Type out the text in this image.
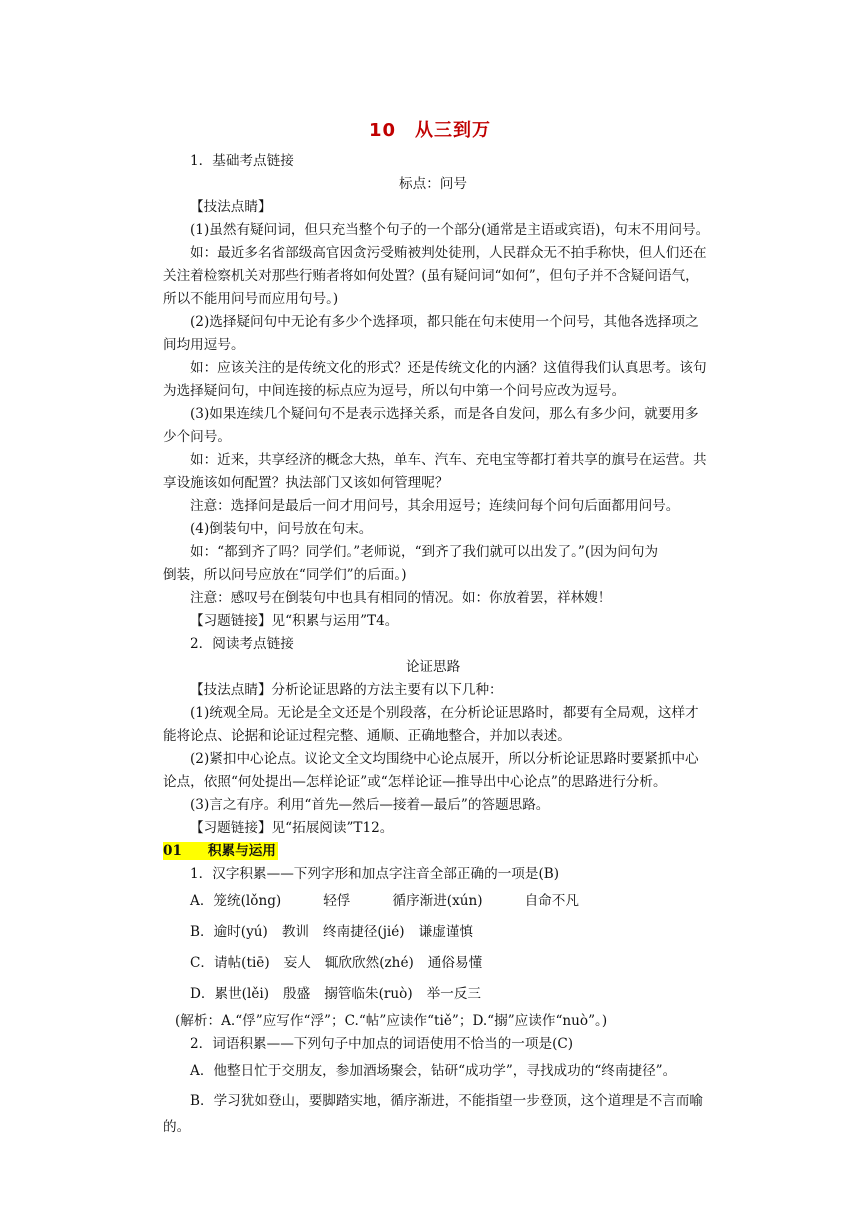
10　从三到万
1．基础考点链接
标点：问号
【技法点睛】
(1)虽然有疑问词，但只充当整个句子的一个部分(通常是主语或宾语)，句末不用问号。
如：最近多名省部级高官因贪污受贿被判处徒刑，人民群众无不拍手称快，但人们还在
关注着检察机关对那些行贿者将如何处置？(虽有疑问词“如何”，但句子并不含疑问语气，
所以不能用问号而应用句号。)
(2)选择疑问句中无论有多少个选择项，都只能在句末使用一个问号，其他各选择项之
间均用逗号。
如：应该关注的是传统文化的形式？还是传统文化的内涵？这值得我们认真思考。该句
为选择疑问句，中间连接的标点应为逗号，所以句中第一个问号应改为逗号。
(3)如果连续几个疑问句不是表示选择关系，而是各自发问，那么有多少问，就要用多
少个问号。
如：近来，共享经济的概念大热，单车、汽车、充电宝等都打着共享的旗号在运营。共
享设施该如何配置？执法部门又该如何管理呢？
注意：选择问是最后一问才用问号，其余用逗号；连续问每个问句后面都用问号。
(4)倒装句中，问号放在句末。
如：“都到齐了吗？同学们。”老师说，“到齐了我们就可以出发了。”(因为问句为
倒装，所以问号应放在“同学们”的后面。)
注意：感叹号在倒装句中也具有相同的情况。如：你放着罢，祥林嫂！
【习题链接】见“积累与运用”T4。
2．阅读考点链接
论证思路
【技法点睛】分析论证思路的方法主要有以下几种：
(1)统观全局。无论是全文还是个别段落，在分析论证思路时，都要有全局观，这样才
能将论点、论据和论证过程完整、通顺、正确地整合，并加以表述。
(2)紧扣中心论点。议论文全文均围绕中心论点展开，所以分析论证思路时要紧抓中心
论点，依照“何处提出—怎样论证”或“怎样论证—推导出中心论点”的思路进行分析。
(3)言之有序。利用“首先—然后—接着—最后”的答题思路。
【习题链接】见“拓展阅读”T12。
01 积累与运用
1．汉字积累——下列字形和加点字注音全部正确的一项是(B)
A．笼统(lǒng)	轻俘	循序渐进(xún)	自命不凡
B．逾时(yú) 教训 终南捷径(jié) 谦虚谨慎
C．请帖(tiē) 妄人 辄欣欣然(zhé) 通俗易懂
D．累世(lěi) 殷盛 搦管临朱(ruò) 举一反三
(解析：A.“俘”应写作“浮”；C.“帖”应读作“tiě”；D.“搦”应读作“nuò”。)
2．词语积累——下列句子中加点的词语使用不恰当的一项是(C)
A．他整日忙于交朋友，参加酒场聚会，钻研“成功学”，寻找成功的“终南捷径”。
B．学习犹如登山，要脚踏实地，循序渐进，不能指望一步登顶，这个道理是不言而喻
的。
